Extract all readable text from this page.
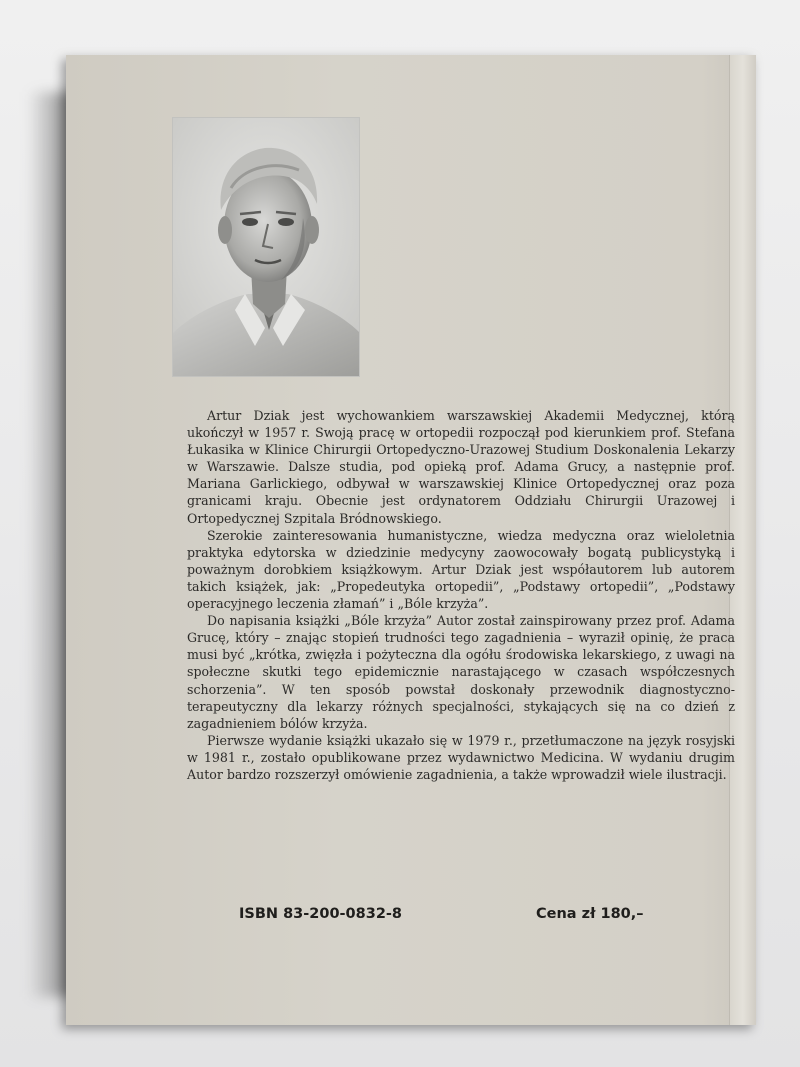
Artur Dziak jest wychowankiem warszawskiej Akademii Medycznej, którą ukończył w 1957 r. Swoją pracę w ortopedii rozpoczął pod kierunkiem prof. Stefana Łukasika w Klinice Chirurgii Ortopedyczno-Urazowej Studium Doskonalenia Lekarzy w Warszawie. Dalsze studia, pod opieką prof. Adama Grucy, a następnie prof. Mariana Garlickiego, odbywał w warszawskiej Klinice Ortopedycznej oraz poza granicami kraju. Obecnie jest ordynatorem Oddziału Chirurgii Urazowej i Ortopedycznej Szpitala Bródnowskiego.

Szerokie zainteresowania humanistyczne, wiedza medyczna oraz wieloletnia praktyka edytorska w dziedzinie medycyny zaowocowały bogatą publicystyką i poważnym dorobkiem książkowym. Artur Dziak jest współautorem lub autorem takich książek, jak: „Propedeutyka ortopedii”, „Podstawy ortopedii”, „Podstawy operacyjnego leczenia złamań” i „Bóle krzyża”.

Do napisania książki „Bóle krzyża” Autor został zainspirowany przez prof. Adama Grucę, który – znając stopień trudności tego zagadnienia – wyraził opinię, że praca musi być „krótka, zwięzła i pożyteczna dla ogółu środowiska lekarskiego, z uwagi na społeczne skutki tego epidemicznie narastającego w czasach współczesnych schorzenia”. W ten sposób powstał doskonały przewodnik diagnostyczno-terapeutyczny dla lekarzy różnych specjalności, stykających się na co dzień z zagadnieniem bólów krzyża.

Pierwsze wydanie książki ukazało się w 1979 r., przetłumaczone na język rosyjski w 1981 r., zostało opublikowane przez wydawnictwo Medicina. W wydaniu drugim Autor bardzo rozszerzył omówienie zagadnienia, a także wprowadził wiele ilustracji.

ISBN 83-200-0832-8	Cena zł 180,–
